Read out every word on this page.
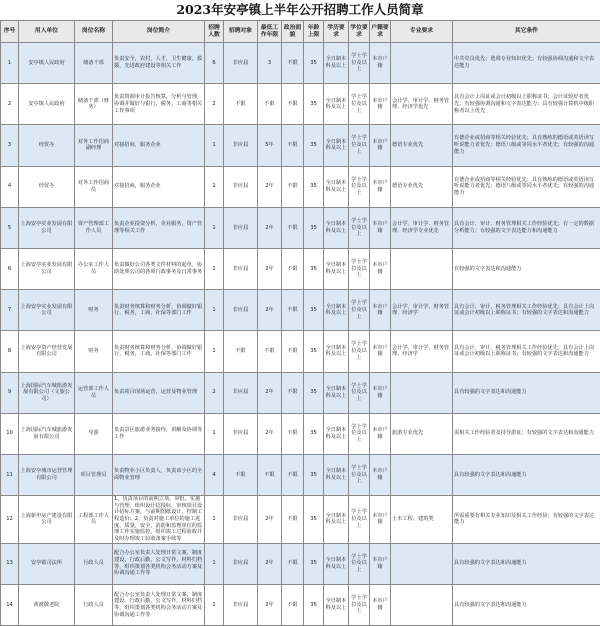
2023年安亭镇上半年公开招聘工作人员简章
序号	用人单位	岗位名称	岗位简介	招聘人数	招聘对象	最低工作年限	政治面貌	年龄上限	学历要求	学位要求	户籍要求	专业要求	其它条件
1	安亭镇人民政府	储备干部	负责安全，农村，人才，卫生健康，救援，先进政府建设等相关工作	6	非应届	3	不限	35	全日制本科及以上	学士学位及以上	本市户籍		中共党员优先；选调专业知识优先；有较强协调沟通和文字表达能力
2	安亭镇人民政府	储备干部（财务）	负责资源审计报告核算，分析与管理，协调并做好与银行，税务，工商等相关工作事项	2	不限	不限	不限	35	全日制本科及以上	学士学位及以上	本市户籍	会计学、审计学、财务管理、经济学优先	具有会计上岗证或会计初级以上职称证书；会计证较好者优先，有较强协调沟通和文字表达能力；具有较强计算机中级职称者以上优先
3	经贸办	对外工作招商副经理	对接招商，服务企业	1	非应届	5年	不限	35	全日制本科及以上	学士学位及以上	本市户籍	德语专业优先	有德企业或招商等相关经验优先；具有熟练的德语或英语读写听说能力者优先；德语八级或等同水平者优先；有较强的沟通能力
4	经贸办	对外工作招商员	对接招商，服务企业	1	非应届	2年	不限	35	全日制本科及以上	学士学位及以上	本市户籍	德语专业优先	有德企业或招商等相关经验优先；具有熟练的德语或英语读写听说能力者优先；德语八级或等同水平者优先；有较强的沟通能力
5	上海安亭实业发展有限公司	资产管理部工作人员	负责企业投资分析，企业服务，资产管理等相关工作	1	非应届	2年	不限	35	全日制本科及以上	学士学位及以上	本市户籍	会计学、审计学、财务管理、经济学专业优先	具有会计、审计、财务管理相关工作经验优先；有一定的数据分析能力；有较强的文字表达能力和沟通能力
6	上海安亭实业发展有限公司	办公室工作人员	负责做好公司各类文件材料的起草，协助处理公司的各项行政事务及日常事务	1	非应届	2年	不限	35	全日制本科及以上	学士学位及以上	本市户籍		有较强的文字表达和沟通能力
7	上海安亭实业发展有限公司	财务	负责财务核算和财务分析，协调做好银行，税务，工商，社保等部门工作	1	非应届	2年	不限	35	全日制本科及以上	学士学位及以上	本市户籍	会计学、审计学、财务管理、经济学	具有会计、审计、税务管理相关工作经验优先；具有会计上岗证或会计初级以上职称证书；有较强的文字表达和沟通能力
8	上海安亭资产经营发展有限公司	财务	负责财务核算和财务分析，协调做好银行，税务，工商，社保等部门工作	1	不限	不限	不限	35	全日制本科及以上	学士学位及以上	本市户籍	会计学、审计学、财务管理、经济学	具有会计、审计、税务管理相关工作经验优先；具有会计上岗证或会计初级以上职称证书；有较强的文字表达和沟通能力
9	上海国际汽车城旅游发展有限公司（文旅公司）	运营部工作人员	负责项目现场运营，运营及物业管理	2	非应届	2年	不限	35	全日制本科及以上	学士学位及以上	本市户籍		具有较强的文字表达和沟通能力
10	上海国际汽车城旅游发展有限公司	导游	负责景区旅游业务接待，讲解及协调等工作	1	非应届	2年	不限	35	全日制本科及以上	学士学位及以上	本市户籍	旅游专业优先	需相关工作经验者及持导游证；有较强的文字表达和沟通能力
11	上海安亭城市运营管理有限公司	项目管理员	负责物业小区负责人，负责该小区的全面物业管理	4	不限	不限	不限	35	全日制本科及以上	学士学位及以上	本市户籍		具有较强的文字表达和沟通能力
12	上海新申房产建设有限公司	工程部工作人员	1、负责项目的前期立项，审批，实施与管理，组织设计招投标，审核项目设计招标方案，与前期图纸设计，控制工程造价；2、负责对施工单位的施工进度，质量，安全，消防和监理单位的监理工作实施监控，组织竣工过程验收并及时办理竣工验收备案手续等	1	非应届	2年	不限	35	全日制本科及以上	学士学位及以上	本市户籍	土木工程、建筑类	所需重要有相关专业知识及相关工作经验；有较强的文字表达能力
13	安亭镇司法所	行政人员	配合办公室负责人处理日常文案，制度建设，行政后勤，公文写作，材料归档等，组织策划各类机构会务活动方案及协调沟通工作等	1	非应届	2年	不限	35	全日制本科及以上	学士学位及以上	本市户籍		具有较强的文字表达和沟通能力
14	黄渡敬老院	行政人员	配合办公室负责人处理日常文案，制度建设，行政后勤，公文写作，材料归档等，组织策划各类机构会务活动方案及协调沟通工作等	1	非应届	2年	不限	35	全日制本科及以上	学士学位及以上	本市户籍		具有较强的文字表达和沟通能力
